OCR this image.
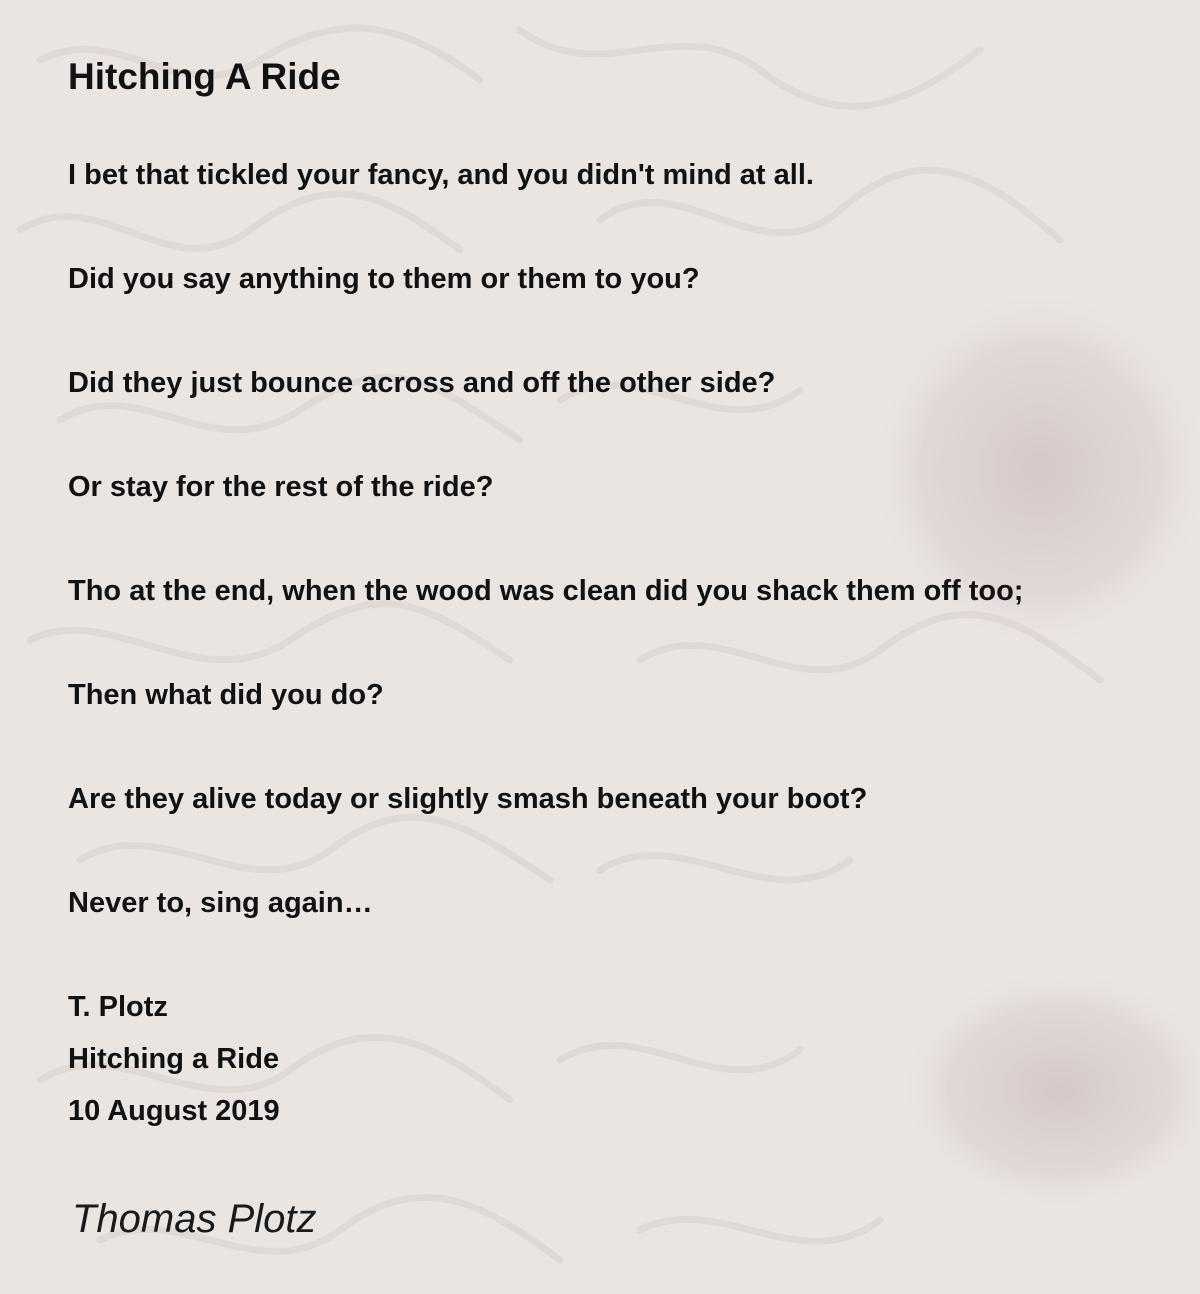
Hitching A Ride

I bet that tickled your fancy, and you didn't mind at all.

Did you say anything to them or them to you?

Did they just bounce across and off the other side?

Or stay for the rest of the ride?

Tho at the end, when the wood was clean did you shack them off too;

Then what did you do?

Are they alive today or slightly smash beneath your boot?

Never to, sing again…

T. Plotz

Hitching a Ride

10 August 2019

Thomas Plotz
